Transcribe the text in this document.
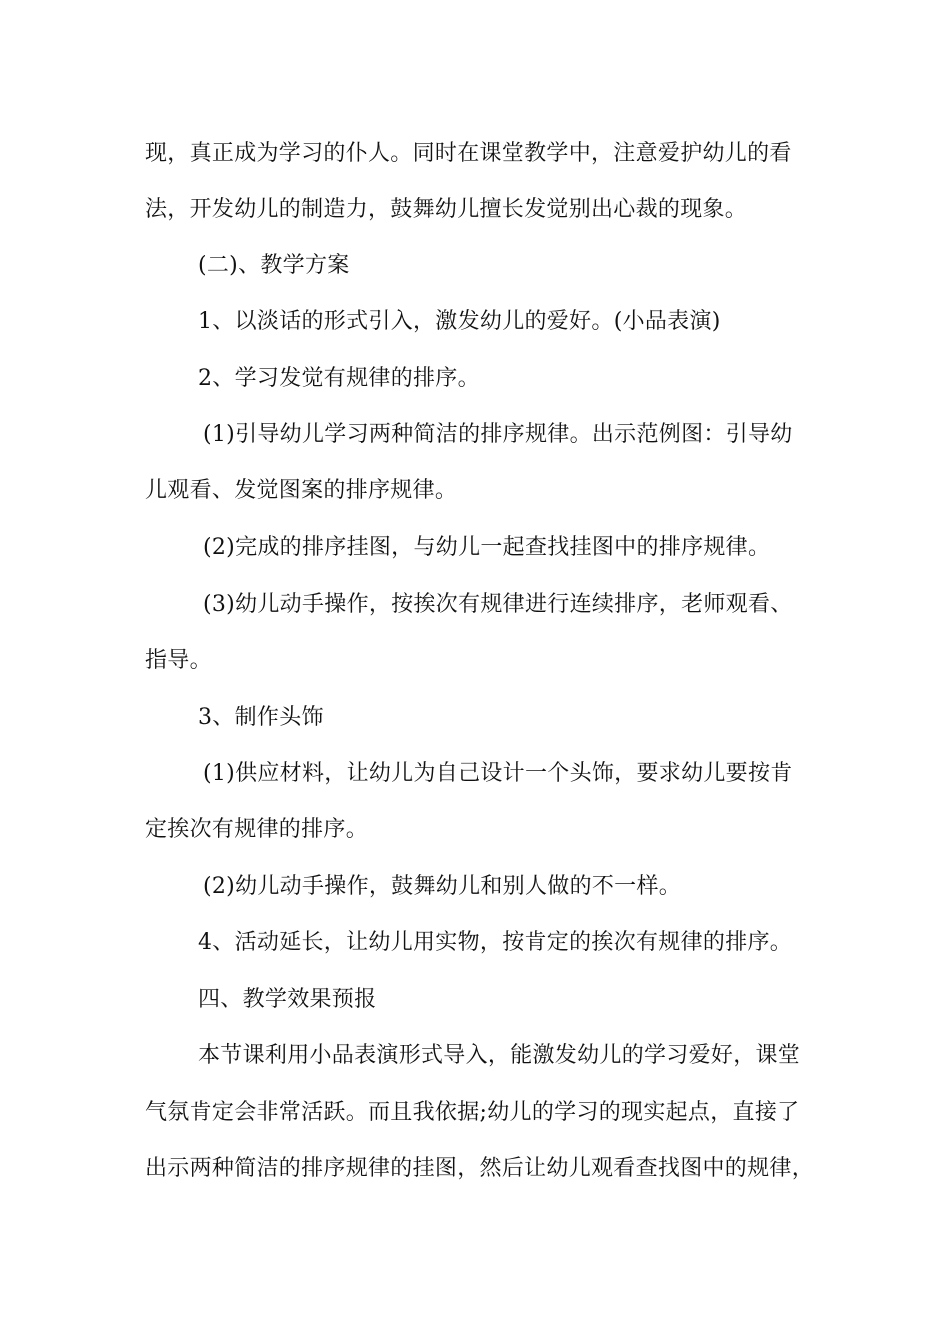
现，真正成为学习的仆人。同时在课堂教学中，注意爱护幼儿的看
法，开发幼儿的制造力，鼓舞幼儿擅长发觉别出心裁的现象。
(二)、教学方案
1、以淡话的形式引入，激发幼儿的爱好。(小品表演)
2、学习发觉有规律的排序。
(1)引导幼儿学习两种简洁的排序规律。出示范例图：引导幼
儿观看、发觉图案的排序规律。
(2)完成的排序挂图，与幼儿一起查找挂图中的排序规律。
(3)幼儿动手操作，按挨次有规律进行连续排序，老师观看、
指导。
3、制作头饰
(1)供应材料，让幼儿为自己设计一个头饰，要求幼儿要按肯
定挨次有规律的排序。
(2)幼儿动手操作，鼓舞幼儿和别人做的不一样。
4、活动延长，让幼儿用实物，按肯定的挨次有规律的排序。
四、教学效果预报
本节课利用小品表演形式导入，能激发幼儿的学习爱好，课堂
气氛肯定会非常活跃。而且我依据;幼儿的学习的现实起点，直接了
出示两种简洁的排序规律的挂图，然后让幼儿观看查找图中的规律，
